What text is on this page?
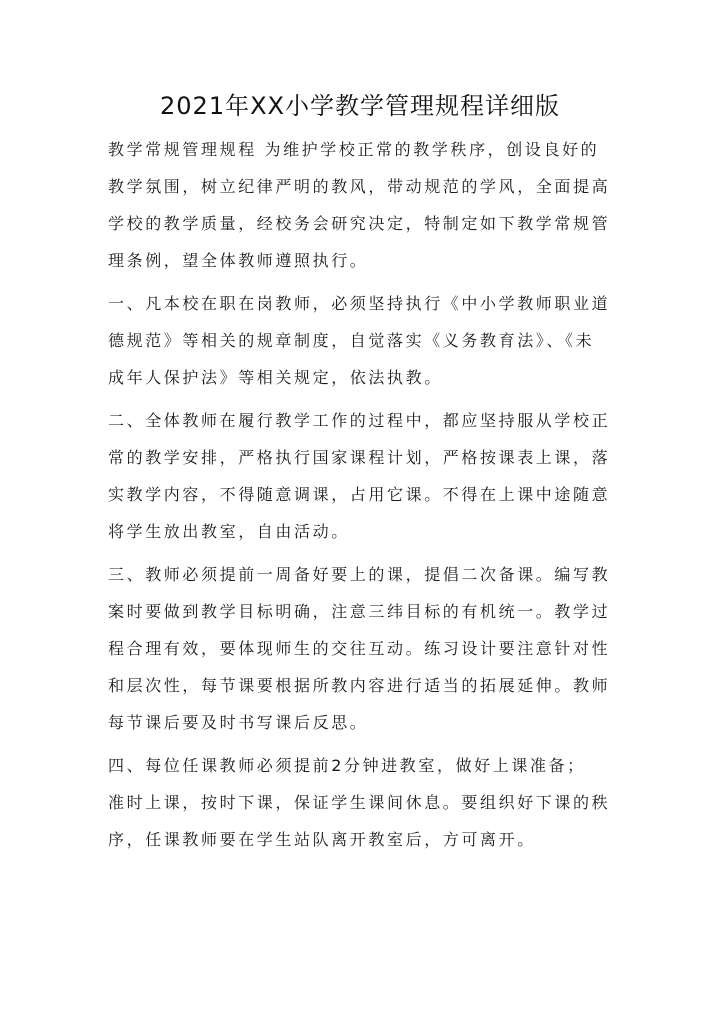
2021年XX小学教学管理规程详细版

教学常规管理规程 为维护学校正常的教学秩序，创设良好的
教学氛围，树立纪律严明的教风，带动规范的学风，全面提高
学校的教学质量，经校务会研究决定，特制定如下教学常规管
理条例，望全体教师遵照执行。

一、凡本校在职在岗教师，必须坚持执行《中小学教师职业道
德规范》等相关的规章制度，自觉落实《义务教育法》、《未
成年人保护法》等相关规定，依法执教。

二、全体教师在履行教学工作的过程中，都应坚持服从学校正
常的教学安排，严格执行国家课程计划，严格按课表上课，落
实教学内容，不得随意调课，占用它课。不得在上课中途随意
将学生放出教室，自由活动。

三、教师必须提前一周备好要上的课，提倡二次备课。编写教
案时要做到教学目标明确，注意三纬目标的有机统一。教学过
程合理有效，要体现师生的交往互动。练习设计要注意针对性
和层次性，每节课要根据所教内容进行适当的拓展延伸。教师
每节课后要及时书写课后反思。

四、每位任课教师必须提前2分钟进教室，做好上课准备；
准时上课，按时下课，保证学生课间休息。要组织好下课的秩
序，任课教师要在学生站队离开教室后，方可离开。
